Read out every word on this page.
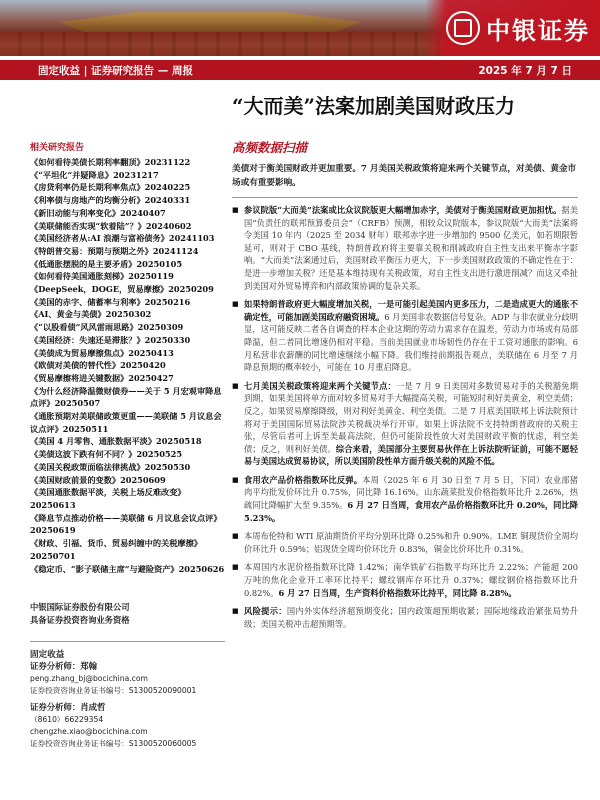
中银证券
固定收益 | 证券研究报告 — 周报	2025 年 7 月 7 日
“大而美”法案加剧美国财政压力
高频数据扫描
美债对于衡美国财政并更加重要。7 月美国关税政策将迎来两个关键节点，对美债、黄金市场或有重要影响。

■ 参议院版“大而美”法案或比众议院版更大幅增加赤字，美债对于衡美国财政更加担忧。据美国“负责任的联邦预算委员会”（CRFB）预测，相较众议院版本，参议院版“大而美”法案将令美国 10 年内（2025 至 2034 财年）联邦赤字进一步增加约 9500 亿美元，如若期限暂延可，则对于 CBO 基线，特朗普政府将主要靠关税和削减政府自主性支出来平衡赤字影响。“大而美”法案通过后，美国财政平衡压力更大，下一步美国财政政策的不确定性在于：是进一步增加关税？还是基本维持现有关税政策，对自主性支出进行激进削减？而这又牵扯到美国对外贸易博弈和内部政策协调的复杂关系。

■ 如果特朗普政府更大幅度增加关税，一是可能引起美国内更多压力，二是造成更大的通胀不确定性，可能加剧美国政府融资困境。6 月美国非农数据信号复杂。ADP 与非农就业分歧明显，这可能反映二者各自调查的样本企业这期的劳动力需求存在温差，劳动力市场或有局部降温，但二者同比增速仍相对平稳。当前美国就业市场韧性仍存在于工资对通胀的影响。6 月私营非农薪酬的同比增速继续小幅下降。我们维持前期报告观点，美联储在 6 月至 7 月降息预期的概率较小，可能在 10 月重启降息。

■ 七月美国关税政策将迎来两个关键节点：一是 7 月 9 日美国对多数贸易对手的关税豁免期到期，如果美国将单方面对较多贸易对手大幅提高关税，可能短时利好美黄金，利空美债；反之，如果贸易摩擦降级，则对利好美黄金、利空美债。二是 7 月底美国联邦上诉法院预计将对于美国国际贸易法院涉关税裁决举行开审。如果上诉法院不支持特朗普政府的关税主张，尽管后者可上诉至美最高法院，但仍可能阶段性放大对美国财政平衡的忧虑，利空美债；反之，则利好美债。综合来看，美国部分主要贸易伙伴在上诉法院听证前，可能不愿轻易与美国达成贸易协议，所以美国阶段性单方面升级关税的风险不低。

■ 食用农产品价格指数环比反弹。本周（2025 年 6 月 30 日至 7 月 5 日，下同）农业部猪肉平均批发价环比升 0.75%，同比降 16.16%。山东蔬菜批发价格指数环比升 2.26%，热疏同比降幅扩大至 9.35%。6 月 27 日当周，食用农产品价格指数环比升 0.20%，同比降 5.23%。

■ 本周布伦特和 WTI 原油期货价平均分别环比降 0.25%和升 0.90%。LME 铜现货价全周均价环比升 0.59%；铝现货全周均价环比升 0.83%，铜金比价环比升 0.31%。

■ 本周国内水泥价格指数环比降 1.42%；南华铁矿石指数平均环比升 2.22%；产能超 200 万吨的焦化企业开工率环比持平；螺纹钢库存环比升 0.37%；螺纹钢价格指数环比升 0.82%。6 月 27 日当周，生产资料价格指数环比持平，同比降 8.28%。

■ 风险提示：国内外实体经济超预期变化；国内政策超预期收紧；国际地缘政治紧张局势升级；美国关税冲击超预期等。

相关研究报告
《如何看待美债长期利率翻顶》20231122
《“平坦化”并疑降息》20231217
《房贷利率仍是长期利率焦点》20240225
《利率债与房地产的均衡分析》20240331
《新旧动能与利率变化》20240407
《美联储能否实现“软着陆”？》20240602
《美国经济者从:AI 浪潮与富裕债务》20241103
《特朗普交易：预期与预期之外》20241124
《低通胀摆脱的是主要矛盾》20250105
《如何看待美国通胀刻梯》20250119
《DeepSeek，DOGE，贸易摩擦》20250209
《美国的赤字、储蓄率与利率》20250216
《AI、黄金与美债》20250302
《“以股看债”风风雷雨思路》20250309
《美国经济：失速还是滞胀？》20250330
《美债成为贸易摩擦焦点》20250413
《欧债对美债的替代性》20250420
《贸易摩擦将进关键数据》20250427
《为什么经济降温微财债券——关于 5 月宏观审降息点评》20250507
《通胀预期对美联储政策更重——美联储 5 月议息会议点评》20250511
《美国 4 月零售、通胀数据平淡》20250518
《美债这波下跌有何不同？》20250525
《美国关税政策面临法律挑战》20250530
《美国财政前景的变数》20250609
《美国通胀数据平淡，关税上场反难改变》20250613
《降息节点推动价格——美联储 6 月议息会议点评》20250619
《财政、引福、货币、贸易纠缠中的关税摩擦》20250701
《稳定币、“影子联储主席”与避险资产》20250626
中银国际证券股份有限公司
具备证券投资咨询业务资格
固定收益
证券分析师：郑翰
peng.zhang_bj@bocichina.com
证券投资咨询业务证书编号：S1300520090001
证券分析师：肖成哲
（8610）66229354
chengzhe.xiao@bocichina.com
证券投资咨询业务证书编号：S1300520060005
